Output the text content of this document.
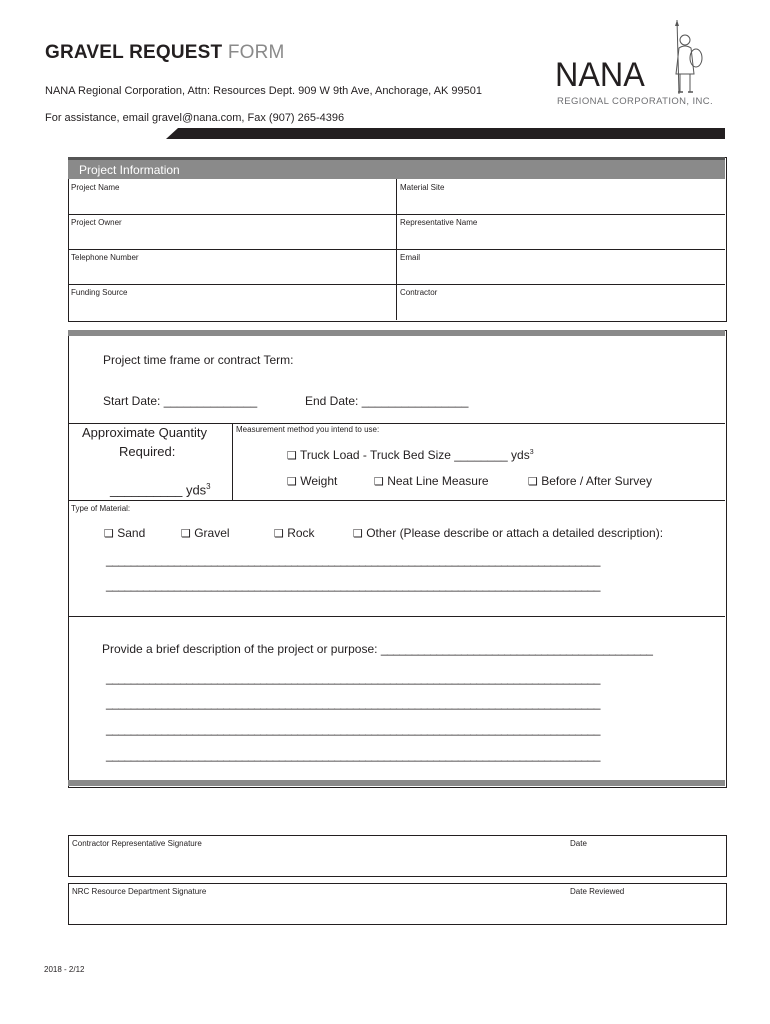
GRAVEL REQUEST FORM
NANA Regional Corporation, Attn: Resources Dept. 909 W 9th Ave, Anchorage, AK 99501
For assistance, email gravel@nana.com, Fax (907) 265-4396
NANA
REGIONAL CORPORATION, INC.
Project Information
Project Name	Material Site
Project Owner	Representative Name
Telephone Number	Email
Funding Source	Contractor
Project time frame or contract Term:
Start Date: ______________	End Date: ________________
Approximate Quantity
Required:
__________ yds$^3$
Measurement method you intend to use:
❑ Truck Load - Truck Bed Size ________ yds$^3$
❑ Weight	❑ Neat Line Measure	❑ Before / After Survey
Type of Material:
❑ Sand	❑ Gravel	❑ Rock	❑ Other (Please describe or attach a detailed description):
________________________________________________________________________________
________________________________________________________________________________
Provide a brief description of the project or purpose: ____________________________________________
________________________________________________________________________________
________________________________________________________________________________
________________________________________________________________________________
________________________________________________________________________________
Contractor Representative Signature	Date
NRC Resource Department Signature	Date Reviewed
2018 - 2/12
